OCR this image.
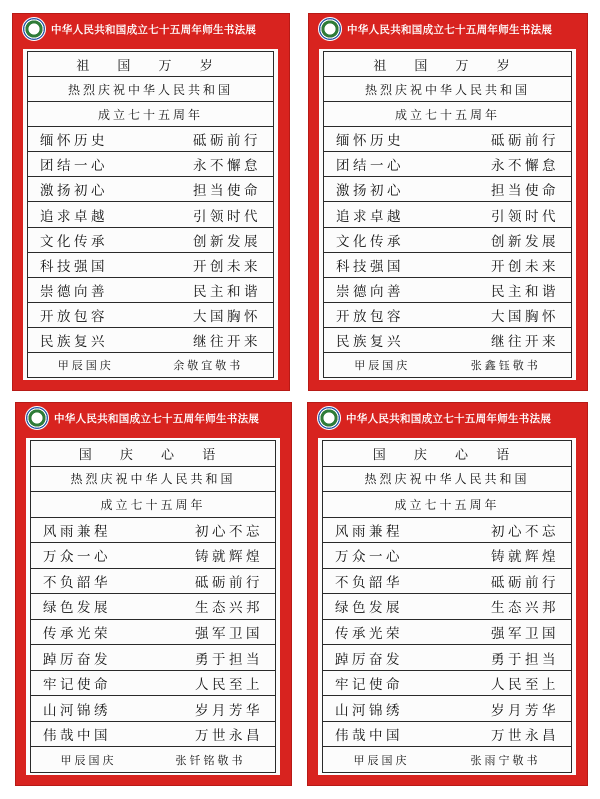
中华人民共和国成立七十五周年师生书法展
祖 国 万 岁
热烈庆祝中华人民共和国
成立七十五周年
缅怀历史	砥砺前行
团结一心	永不懈怠
激扬初心	担当使命
追求卓越	引领时代
文化传承	创新发展
科技强国	开创未来
崇德向善	民主和谐
开放包容	大国胸怀
民族复兴	继往开来
甲辰国庆	余敬宜敬书
中华人民共和国成立七十五周年师生书法展
祖 国 万 岁
热烈庆祝中华人民共和国
成立七十五周年
缅怀历史	砥砺前行
团结一心	永不懈怠
激扬初心	担当使命
追求卓越	引领时代
文化传承	创新发展
科技强国	开创未来
崇德向善	民主和谐
开放包容	大国胸怀
民族复兴	继往开来
甲辰国庆	张鑫钰敬书
中华人民共和国成立七十五周年师生书法展
国 庆 心 语
热烈庆祝中华人民共和国
成立七十五周年
风雨兼程	初心不忘
万众一心	铸就辉煌
不负韶华	砥砺前行
绿色发展	生态兴邦
传承光荣	强军卫国
踔厉奋发	勇于担当
牢记使命	人民至上
山河锦绣	岁月芳华
伟哉中国	万世永昌
甲辰国庆	张钎铭敬书
中华人民共和国成立七十五周年师生书法展
国 庆 心 语
热烈庆祝中华人民共和国
成立七十五周年
风雨兼程	初心不忘
万众一心	铸就辉煌
不负韶华	砥砺前行
绿色发展	生态兴邦
传承光荣	强军卫国
踔厉奋发	勇于担当
牢记使命	人民至上
山河锦绣	岁月芳华
伟哉中国	万世永昌
甲辰国庆	张雨宁敬书
